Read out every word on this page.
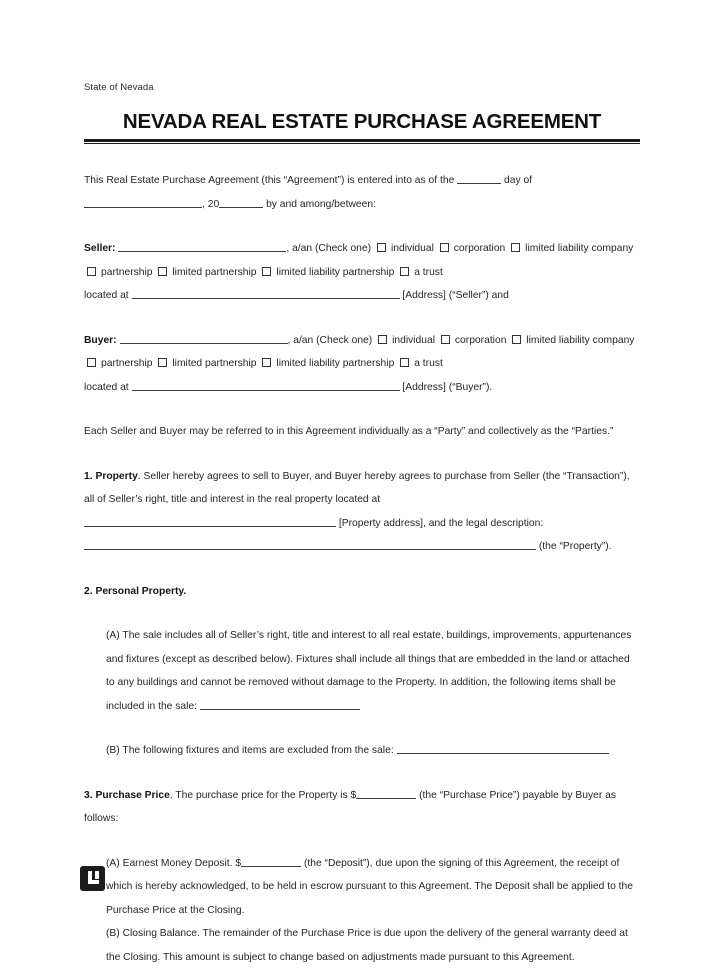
State of Nevada
NEVADA REAL ESTATE PURCHASE AGREEMENT
This Real Estate Purchase Agreement (this “Agreement”) is entered into as of the	day of
, 20	by and among/between:
Seller:	, a/an (Check one) individual corporation limited liability company partnership limited partnership limited liability partnership a trust
located at	[Address] (“Seller”) and
Buyer:	, a/an (Check one) individual corporation limited liability company partnership limited partnership limited liability partnership a trust
located at	[Address] (“Buyer”).
Each Seller and Buyer may be referred to in this Agreement individually as a “Party” and collectively as the “Parties.”
1. Property. Seller hereby agrees to sell to Buyer, and Buyer hereby agrees to purchase from Seller (the “Transaction”), all of Seller’s right, title and interest in the real property located at
[Property address], and the legal description:
(the “Property”).
2. Personal Property.
(A) The sale includes all of Seller’s right, title and interest to all real estate, buildings, improvements, appurtenances and fixtures (except as described below). Fixtures shall include all things that are embedded in the land or attached to any buildings and cannot be removed without damage to the Property. In addition, the following items shall be included in the sale:
(B) The following fixtures and items are excluded from the sale:
3. Purchase Price. The purchase price for the Property is $	(the “Purchase Price”) payable by Buyer as follows:
(A) Earnest Money Deposit. $	(the “Deposit”), due upon the signing of this Agreement, the receipt of which is hereby acknowledged, to be held in escrow pursuant to this Agreement. The Deposit shall be applied to the Purchase Price at the Closing.
(B) Closing Balance. The remainder of the Purchase Price is due upon the delivery of the general warranty deed at the Closing. This amount is subject to change based on adjustments made pursuant to this Agreement.
